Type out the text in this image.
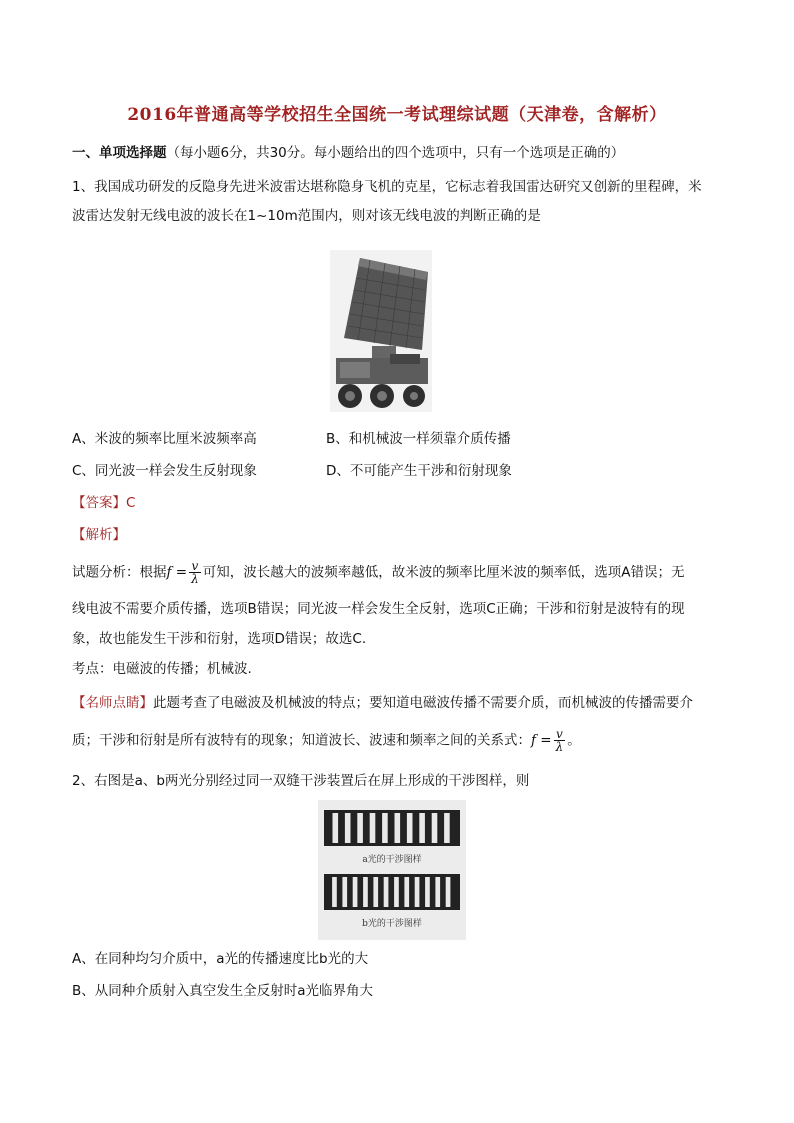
2016年普通高等学校招生全国统一考试理综试题（天津卷，含解析）
一、单项选择题（每小题6分，共30分。每小题给出的四个选项中，只有一个选项是正确的）
1、我国成功研发的反隐身先进米波雷达堪称隐身飞机的克星，它标志着我国雷达研究又创新的里程碑，米
波雷达发射无线电波的波长在1~10m范围内，则对该无线电波的判断正确的是
A、米波的频率比厘米波频率高	B、和机械波一样须靠介质传播
C、同光波一样会发生反射现象	D、不可能产生干涉和衍射现象
【答案】C
【解析】
试题分析：根据$f = \frac{v}{\lambda}$ 可知，波长越大的波频率越低，故米波的频率比厘米波的频率低，选项A错误；无
线电波不需要介质传播，选项B错误；同光波一样会发生全反射，选项C正确；干涉和衍射是波特有的现
象，故也能发生干涉和衍射，选项D错误；故选C.
考点：电磁波的传播；机械波.
【名师点睛】此题考查了电磁波及机械波的特点；要知道电磁波传播不需要介质，而机械波的传播需要介
质；干涉和衍射是所有波特有的现象；知道波长、波速和频率之间的关系式：$f = \frac{v}{\lambda}$ 。
2、右图是a、b两光分别经过同一双缝干涉装置后在屏上形成的干涉图样，则
a光的干涉图样
b光的干涉图样
A、在同种均匀介质中，a光的传播速度比b光的大
B、从同种介质射入真空发生全反射时a光临界角大
